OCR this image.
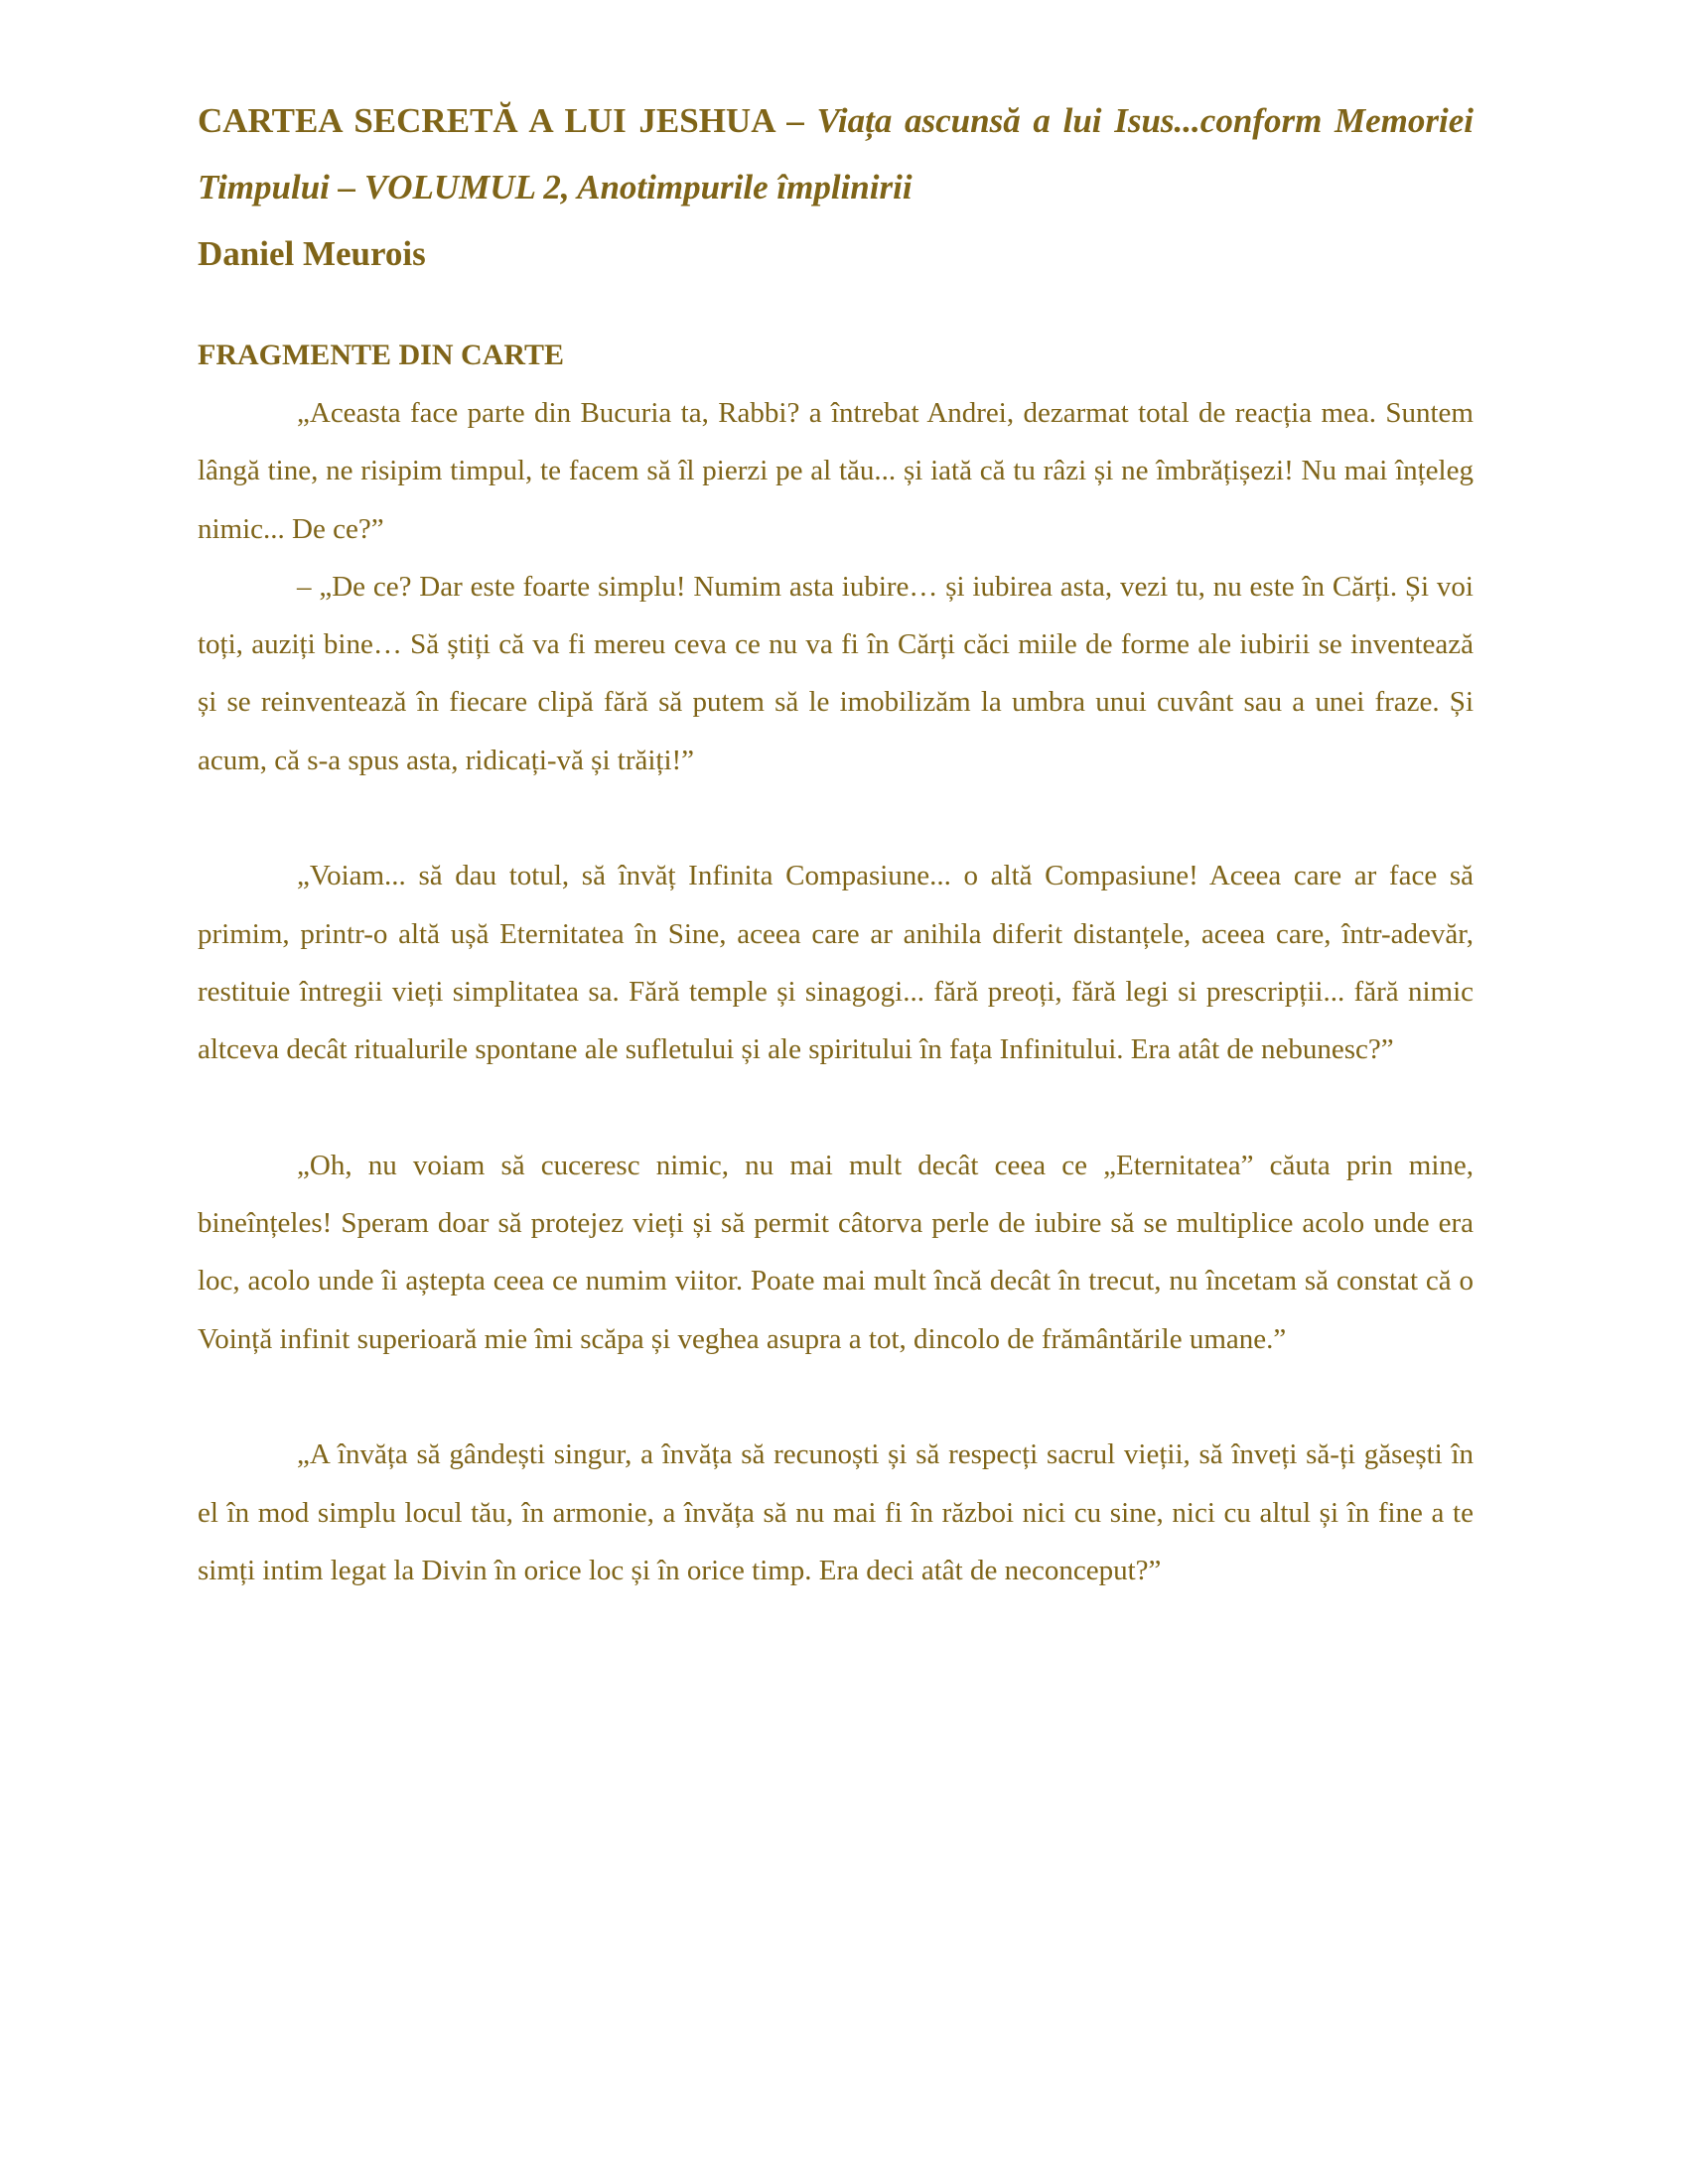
CARTEA SECRETĂ A LUI JESHUA – Viața ascunsă a lui Isus...conform Memoriei Timpului – VOLUMUL 2, Anotimpurile împlinirii

Daniel Meurois

FRAGMENTE DIN CARTE

„Aceasta face parte din Bucuria ta, Rabbi? a întrebat Andrei, dezarmat total de reacția mea. Suntem lângă tine, ne risipim timpul, te facem să îl pierzi pe al tău... și iată că tu râzi și ne îmbrățișezi! Nu mai înțeleg nimic... De ce?”

– „De ce? Dar este foarte simplu! Numim asta iubire… și iubirea asta, vezi tu, nu este în Cărți. Și voi toți, auziți bine… Să știți că va fi mereu ceva ce nu va fi în Cărți căci miile de forme ale iubirii se inventează și se reinventează în fiecare clipă fără să putem să le imobilizăm la umbra unui cuvânt sau a unei fraze. Și acum, că s-a spus asta, ridicați-vă și trăiți!”

„Voiam... să dau totul, să învăț Infinita Compasiune... o altă Compasiune! Aceea care ar face să primim, printr-o altă ușă Eternitatea în Sine, aceea care ar anihila diferit distanțele, aceea care, într-adevăr, restituie întregii vieți simplitatea sa. Fără temple și sinagogi... fără preoți, fără legi si prescripții... fără nimic altceva decât ritualurile spontane ale sufletului și ale spiritului în fața Infinitului. Era atât de nebunesc?”

„Oh, nu voiam să cuceresc nimic, nu mai mult decât ceea ce „Eternitatea” căuta prin mine, bineînțeles! Speram doar să protejez vieți și să permit câtorva perle de iubire să se multiplice acolo unde era loc, acolo unde îi aștepta ceea ce numim viitor. Poate mai mult încă decât în trecut, nu încetam să constat că o Voință infinit superioară mie îmi scăpa și veghea asupra a tot, dincolo de frământările umane.”

„A învăța să gândești singur, a învăța să recunoști și să respecți sacrul vieții, să înveți să-ți găsești în el în mod simplu locul tău, în armonie, a învăța să nu mai fi în război nici cu sine, nici cu altul și în fine a te simți intim legat la Divin în orice loc și în orice timp. Era deci atât de neconceput?”
